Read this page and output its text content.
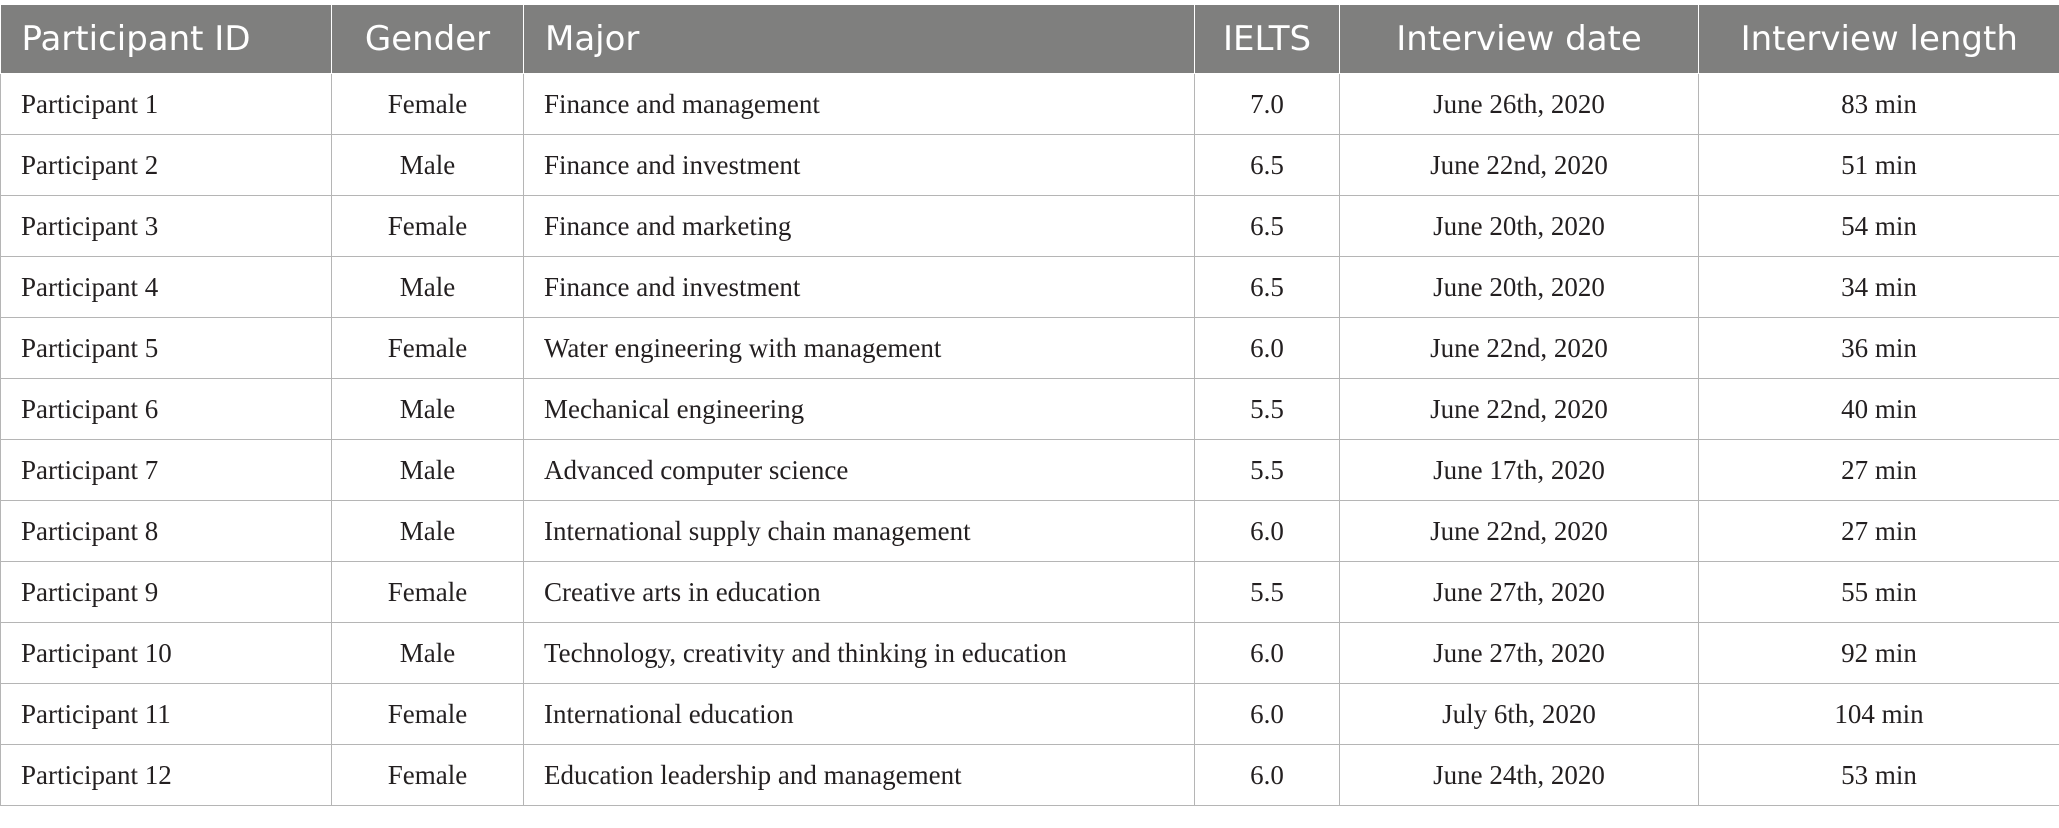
Participant ID	Gender	Major	IELTS	Interview date	Interview length
Participant 1	Female	Finance and management	7.0	June 26th, 2020	83 min
Participant 2	Male	Finance and investment	6.5	June 22nd, 2020	51 min
Participant 3	Female	Finance and marketing	6.5	June 20th, 2020	54 min
Participant 4	Male	Finance and investment	6.5	June 20th, 2020	34 min
Participant 5	Female	Water engineering with management	6.0	June 22nd, 2020	36 min
Participant 6	Male	Mechanical engineering	5.5	June 22nd, 2020	40 min
Participant 7	Male	Advanced computer science	5.5	June 17th, 2020	27 min
Participant 8	Male	International supply chain management	6.0	June 22nd, 2020	27 min
Participant 9	Female	Creative arts in education	5.5	June 27th, 2020	55 min
Participant 10	Male	Technology, creativity and thinking in education	6.0	June 27th, 2020	92 min
Participant 11	Female	International education	6.0	July 6th, 2020	104 min
Participant 12	Female	Education leadership and management	6.0	June 24th, 2020	53 min
